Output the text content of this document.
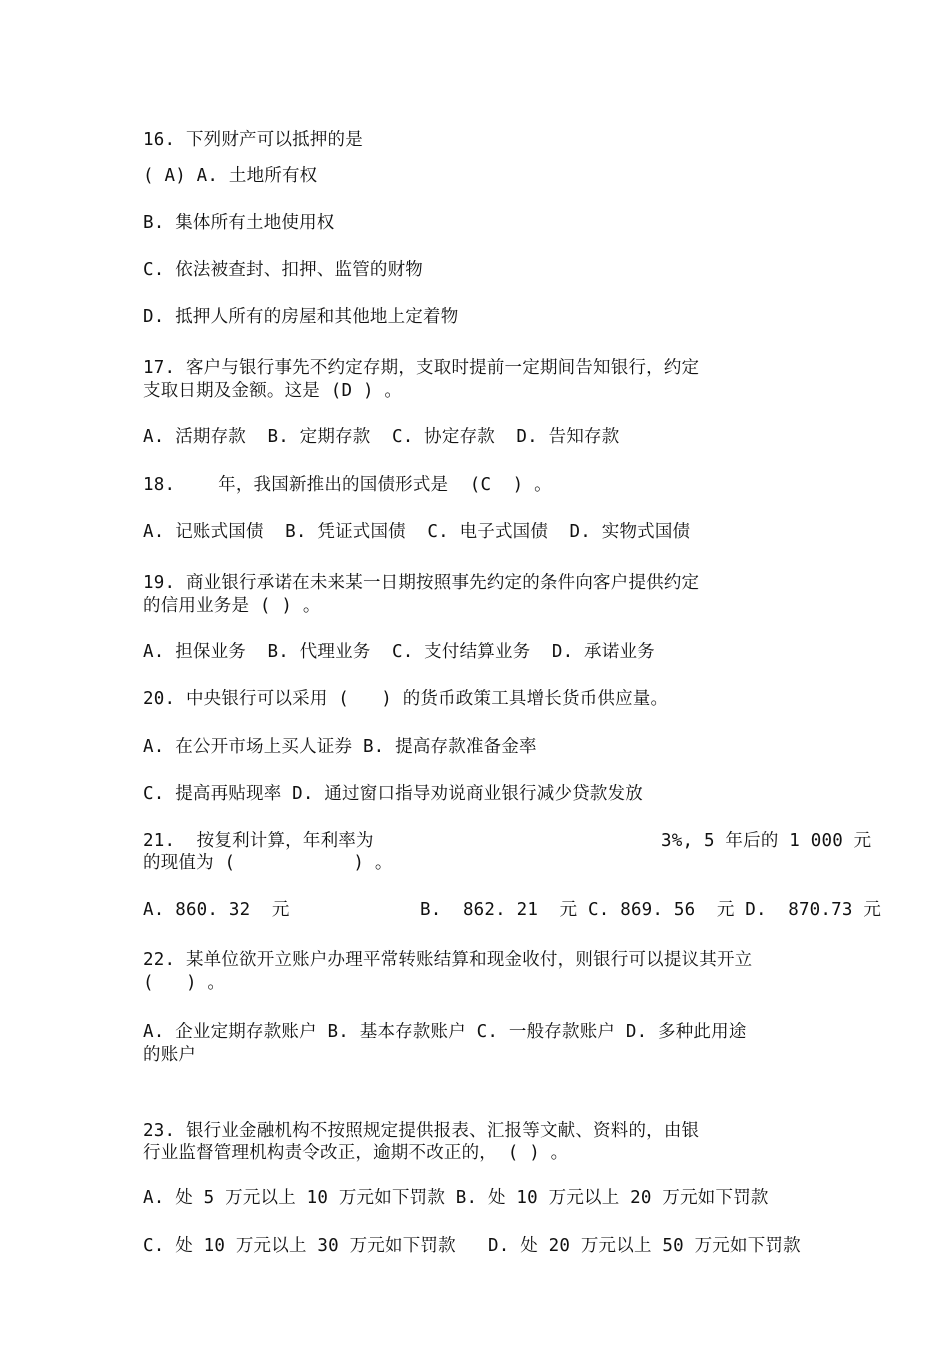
16. 下列财产可以抵押的是
( A) A. 土地所有权
B. 集体所有土地使用权
C. 依法被查封、扣押、监管的财物
D. 抵押人所有的房屋和其他地上定着物
17. 客户与银行事先不约定存期，支取时提前一定期间告知银行，约定
支取日期及金额。这是 (D ) 。
A. 活期存款  B. 定期存款  C. 协定存款  D. 告知存款
18.    年，我国新推出的国债形式是  (C  ) 。
A. 记账式国债  B. 凭证式国债  C. 电子式国债  D. 实物式国债
19. 商业银行承诺在未来某一日期按照事先约定的条件向客户提供约定
的信用业务是 ( ) 。
A. 担保业务  B. 代理业务  C. 支付结算业务  D. 承诺业务
20. 中央银行可以采用 (   ) 的货币政策工具增长货币供应量。
A. 在公开市场上买人证券 B. 提高存款准备金率
C. 提高再贴现率 D. 通过窗口指导劝说商业银行减少贷款发放
21.  按复利计算，年利率为	3%, 5 年后的 1 000 元
的现值为 (           ) 。
A. 860. 32  元	B.  862. 21  元 C. 869. 56  元 D.  870.73 元
22. 某单位欲开立账户办理平常转账结算和现金收付，则银行可以提议其开立
(   ) 。
A. 企业定期存款账户 B. 基本存款账户 C. 一般存款账户 D. 多种此用途
的账户
23. 银行业金融机构不按照规定提供报表、汇报等文献、资料的，由银
行业监督管理机构责令改正，逾期不改正的， ( ) 。
A. 处 5 万元以上 10 万元如下罚款 B. 处 10 万元以上 20 万元如下罚款
C. 处 10 万元以上 30 万元如下罚款   D. 处 20 万元以上 50 万元如下罚款
